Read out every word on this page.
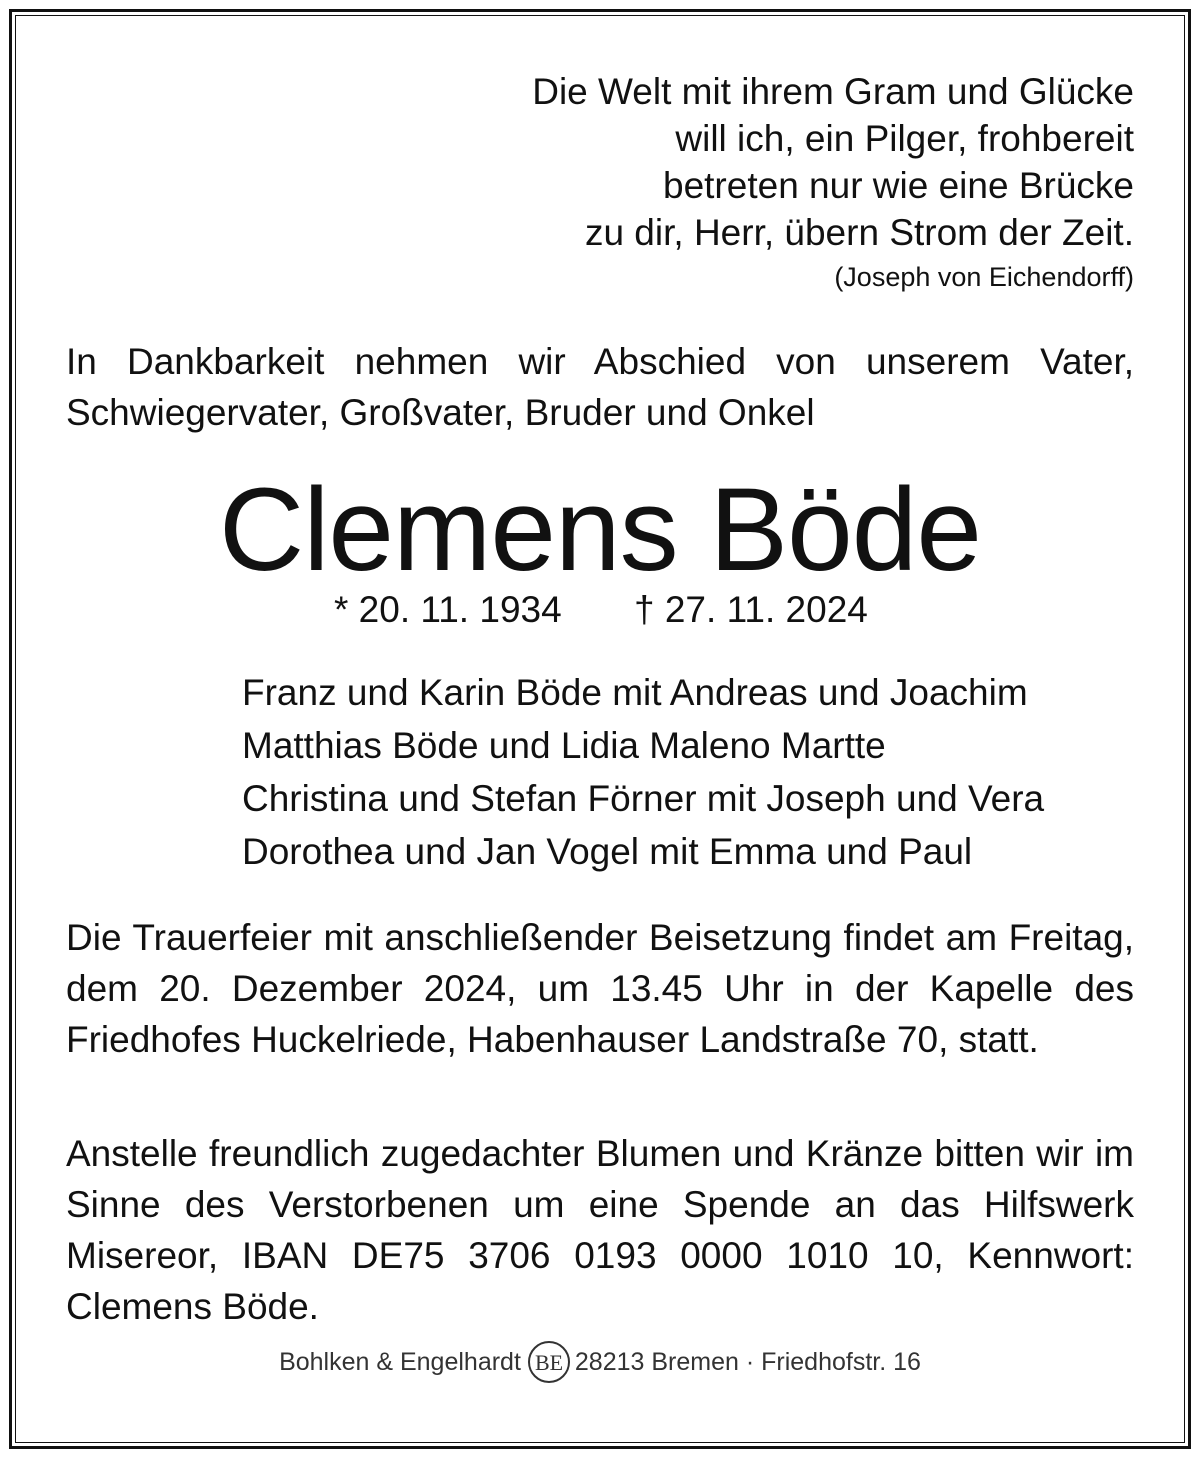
Die Welt mit ihrem Gram und Glücke
will ich, ein Pilger, frohbereit
betreten nur wie eine Brücke
zu dir, Herr, übern Strom der Zeit.
(Joseph von Eichendorff)
In Dankbarkeit nehmen wir Abschied von unserem Vater, Schwiegervater, Großvater, Bruder und Onkel
Clemens Böde
* 20. 11. 1934 † 27. 11. 2024
Franz und Karin Böde mit Andreas und Joachim
Matthias Böde und Lidia Maleno Martte
Christina und Stefan Förner mit Joseph und Vera
Dorothea und Jan Vogel mit Emma und Paul
Die Trauerfeier mit anschließender Beisetzung findet am Freitag, dem 20. Dezember 2024, um 13.45 Uhr in der Kapelle des Friedhofes Huckelriede, Habenhauser Landstraße 70, statt.
Anstelle freundlich zugedachter Blumen und Kränze bitten wir im Sinne des Verstorbenen um eine Spende an das Hilfswerk Misereor, IBAN DE75 3706 0193 0000 1010 10, Kennwort: Clemens Böde.
Bohlken & Engelhardt BE 28213 Bremen · Friedhofstr. 16
